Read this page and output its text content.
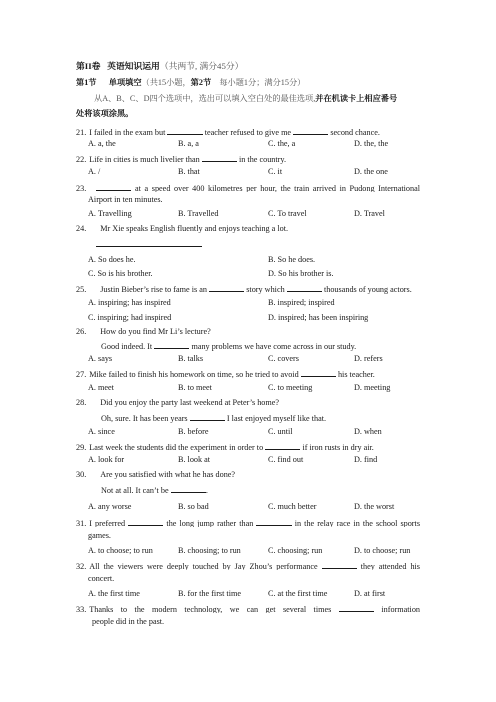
第II卷 英语知识运用（共两节, 满分45分）
第1节 单项填空（共15小题，第2节 每小题1分；满分15分）
从A、B、C、D四个选项中，选出可以填入空白处的最佳选项,并在机读卡上相应番号
处将该项涂黑。
21. I failed in the exam but	teacher refused to give me	second chance.
A. a, the	B. a, a	C. the, a	D. the, the
22. Life in cities is much livelier than	in the country.
A. /	B. that	C. it	D. the one
23.	at a speed over 400 kilometres per hour, the train arrived in Pudong International
Airport in ten minutes.
A. Travelling	B. Travelled	C. To travel	D. Travel
24. Mr Xie speaks English fluently and enjoys teaching a lot.
—	.
A. So does he.	B. So he does.
C. So is his brother.	D. So his brother is.
25. Justin Bieber’s rise to fame is an	story which	thousands of young actors.
A. inspiring; has inspired	B. inspired; inspired
C. inspiring; had inspired	D. inspired; has been inspiring
26. How do you find Mr Li’s lecture?
Good indeed. It	many problems we have come across in our study.
A. says	B. talks	C. covers	D. refers
27. Mike failed to finish his homework on time, so he tried to avoid	his teacher.
A. meet	B. to meet	C. to meeting	D. meeting
28. Did you enjoy the party last weekend at Peter’s home?
Oh, sure. It has been years	I last enjoyed myself like that.
A. since	B. before	C. until	D. when
29. Last week the students did the experiment in order to	if iron rusts in dry air.
A. look for	B. look at	C. find out	D. find
30. Are you satisfied with what he has done?
Not at all. It can’t be	.
A. any worse	B. so bad	C. much better	D. the worst
31. I preferred	the long jump rather than	in the relay race in the school sports
games.
A. to choose; to run	B. choosing; to run	C. choosing; run	D. to choose; run
32. All the viewers were deeply touched by Jay Zhou’s performance	they attended his
concert.
A. the first time	B. for the first time	C. at the first time	D. at first
33. Thanks to the modern technology, we can get several times	information
people did in the past.
